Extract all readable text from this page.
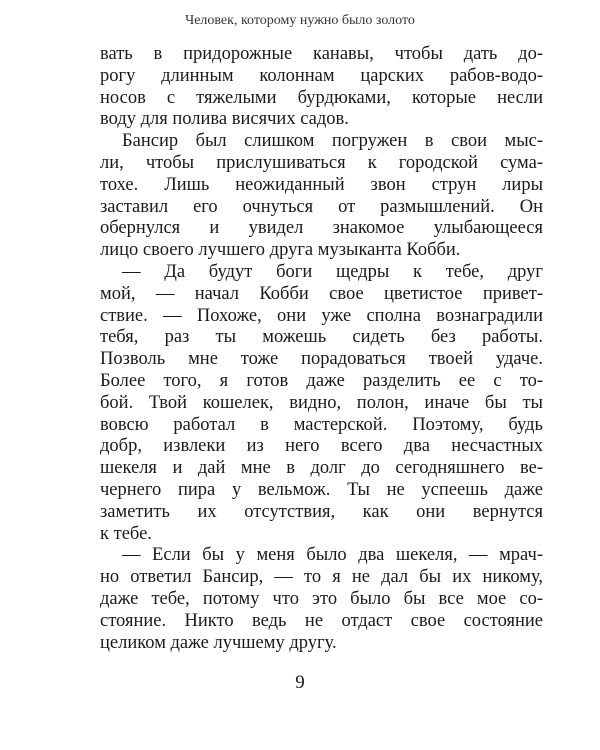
Человек, которому нужно было золото
вать в придорожные канавы, чтобы дать до-
рогу длинным колоннам царских рабов-водо-
носов с тяжелыми бурдюками, которые несли
воду для полива висячих садов.
Бансир был слишком погружен в свои мыс-
ли, чтобы прислушиваться к городской сума-
тохе. Лишь неожиданный звон струн лиры
заставил его очнуться от размышлений. Он
обернулся и увидел знакомое улыбающееся
лицо своего лучшего друга музыканта Кобби.
— Да будут боги щедры к тебе, друг
мой, — начал Кобби свое цветистое привет-
ствие. — Похоже, они уже сполна вознаградили
тебя, раз ты можешь сидеть без работы.
Позволь мне тоже порадоваться твоей удаче.
Более того, я готов даже разделить ее с то-
бой. Твой кошелек, видно, полон, иначе бы ты
вовсю работал в мастерской. Поэтому, будь
добр, извлеки из него всего два несчастных
шекеля и дай мне в долг до сегодняшнего ве-
чернего пира у вельмож. Ты не успеешь даже
заметить их отсутствия, как они вернутся
к тебе.
— Если бы у меня было два шекеля, — мрач-
но ответил Бансир, — то я не дал бы их никому,
даже тебе, потому что это было бы все мое со-
стояние. Никто ведь не отдаст свое состояние
целиком даже лучшему другу.
9
